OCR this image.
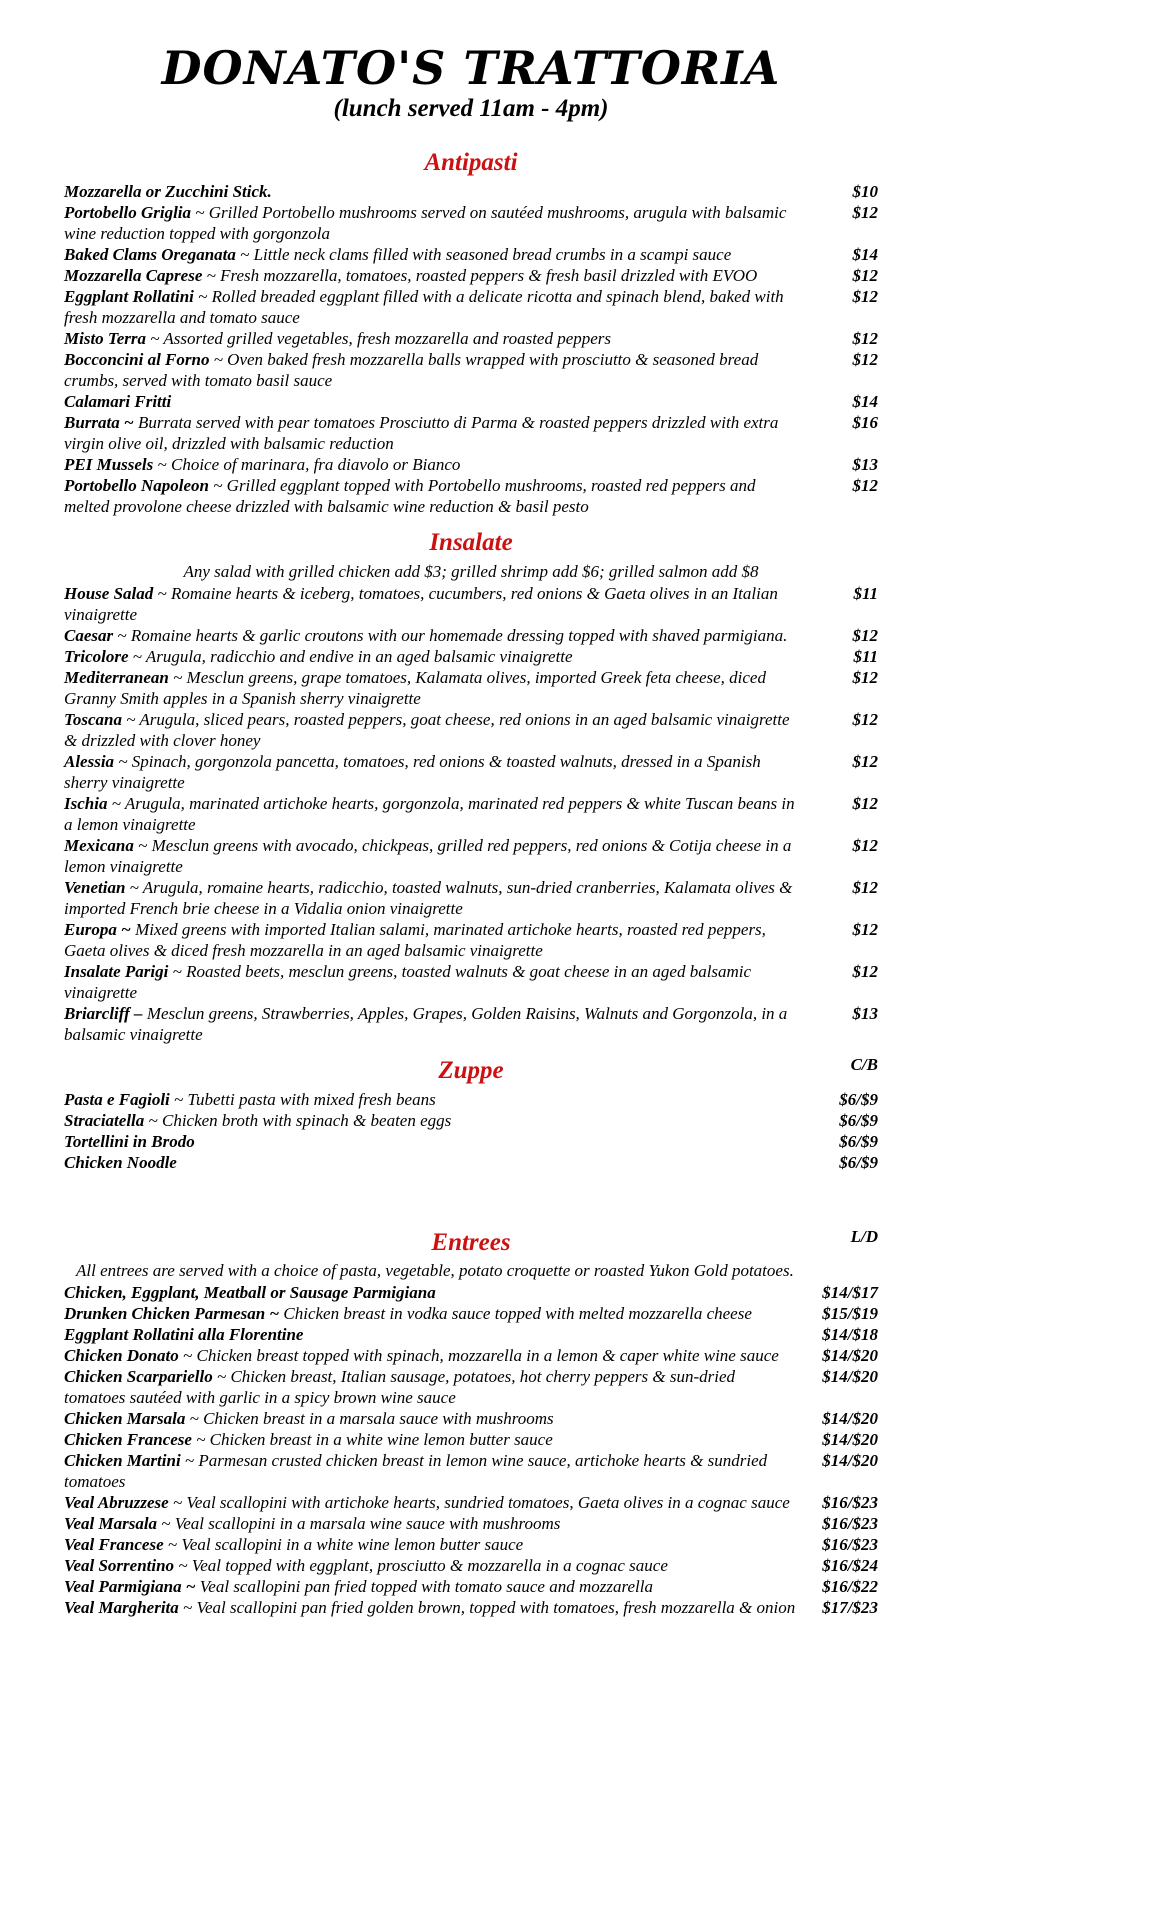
DONATO'S TRATTORIA
(lunch served 11am - 4pm)
Antipasti
Mozzarella or Zucchini Stick.	$10
Portobello Griglia ~ Grilled Portobello mushrooms served on sautéed mushrooms, arugula with balsamic wine reduction topped with gorgonzola
$12
Baked Clams Oreganata ~ Little neck clams filled with seasoned bread crumbs in a scampi sauce	$14
Mozzarella Caprese ~ Fresh mozzarella, tomatoes, roasted peppers & fresh basil drizzled with EVOO	$12
Eggplant Rollatini ~ Rolled breaded eggplant filled with a delicate ricotta and spinach blend, baked with fresh mozzarella and tomato sauce
$12
Misto Terra ~ Assorted grilled vegetables, fresh mozzarella and roasted peppers	$12
Bocconcini al Forno ~ Oven baked fresh mozzarella balls wrapped with prosciutto & seasoned bread crumbs, served with tomato basil sauce
$12
Calamari Fritti	$14
Burrata ~ Burrata served with pear tomatoes Prosciutto di Parma & roasted peppers drizzled with extra virgin olive oil, drizzled with balsamic reduction
$16
PEI Mussels ~ Choice of marinara, fra diavolo or Bianco	$13
Portobello Napoleon ~ Grilled eggplant topped with Portobello mushrooms, roasted red peppers and melted provolone cheese drizzled with balsamic wine reduction & basil pesto
$12
Insalate
Any salad with grilled chicken add $3; grilled shrimp add $6; grilled salmon add $8
House Salad ~ Romaine hearts & iceberg, tomatoes, cucumbers, red onions & Gaeta olives in an Italian vinaigrette
$11
Caesar ~ Romaine hearts & garlic croutons with our homemade dressing topped with shaved parmigiana.	$12
Tricolore ~ Arugula, radicchio and endive in an aged balsamic vinaigrette	$11
Mediterranean ~ Mesclun greens, grape tomatoes, Kalamata olives, imported Greek feta cheese, diced Granny Smith apples in a Spanish sherry vinaigrette
$12
Toscana ~ Arugula, sliced pears, roasted peppers, goat cheese, red onions in an aged balsamic vinaigrette & drizzled with clover honey
$12
Alessia ~ Spinach, gorgonzola pancetta, tomatoes, red onions & toasted walnuts, dressed in a Spanish sherry vinaigrette
$12
Ischia ~ Arugula, marinated artichoke hearts, gorgonzola, marinated red peppers & white Tuscan beans in a lemon vinaigrette
$12
Mexicana ~ Mesclun greens with avocado, chickpeas, grilled red peppers, red onions & Cotija cheese in a lemon vinaigrette
$12
Venetian ~ Arugula, romaine hearts, radicchio, toasted walnuts, sun-dried cranberries, Kalamata olives & imported French brie cheese in a Vidalia onion vinaigrette
$12
Europa ~ Mixed greens with imported Italian salami, marinated artichoke hearts, roasted red peppers, Gaeta olives & diced fresh mozzarella in an aged balsamic vinaigrette
$12
Insalate Parigi ~ Roasted beets, mesclun greens, toasted walnuts & goat cheese in an aged balsamic vinaigrette
$12
Briarcliff – Mesclun greens, Strawberries, Apples, Grapes, Golden Raisins, Walnuts and Gorgonzola, in a balsamic vinaigrette
$13
Zuppe	C/B
Pasta e Fagioli ~ Tubetti pasta with mixed fresh beans	$6/$9
Straciatella ~ Chicken broth with spinach & beaten eggs	$6/$9
Tortellini in Brodo	$6/$9
Chicken Noodle	$6/$9
Entrees	L/D
All entrees are served with a choice of pasta, vegetable, potato croquette or roasted Yukon Gold potatoes.
Chicken, Eggplant, Meatball or Sausage Parmigiana	$14/$17
Drunken Chicken Parmesan ~ Chicken breast in vodka sauce topped with melted mozzarella cheese	$15/$19
Eggplant Rollatini alla Florentine	$14/$18
Chicken Donato ~ Chicken breast topped with spinach, mozzarella in a lemon & caper white wine sauce	$14/$20
Chicken Scarpariello ~ Chicken breast, Italian sausage, potatoes, hot cherry peppers & sun-dried tomatoes sautéed with garlic in a spicy brown wine sauce
$14/$20
Chicken Marsala ~ Chicken breast in a marsala sauce with mushrooms	$14/$20
Chicken Francese ~ Chicken breast in a white wine lemon butter sauce	$14/$20
Chicken Martini ~ Parmesan crusted chicken breast in lemon wine sauce, artichoke hearts & sundried tomatoes
$14/$20
Veal Abruzzese ~ Veal scallopini with artichoke hearts, sundried tomatoes, Gaeta olives in a cognac sauce	$16/$23
Veal Marsala ~ Veal scallopini in a marsala wine sauce with mushrooms	$16/$23
Veal Francese ~ Veal scallopini in a white wine lemon butter sauce	$16/$23
Veal Sorrentino ~ Veal topped with eggplant, prosciutto & mozzarella in a cognac sauce	$16/$24
Veal Parmigiana ~ Veal scallopini pan fried topped with tomato sauce and mozzarella	$16/$22
Veal Margherita ~ Veal scallopini pan fried golden brown, topped with tomatoes, fresh mozzarella & onion	$17/$23
